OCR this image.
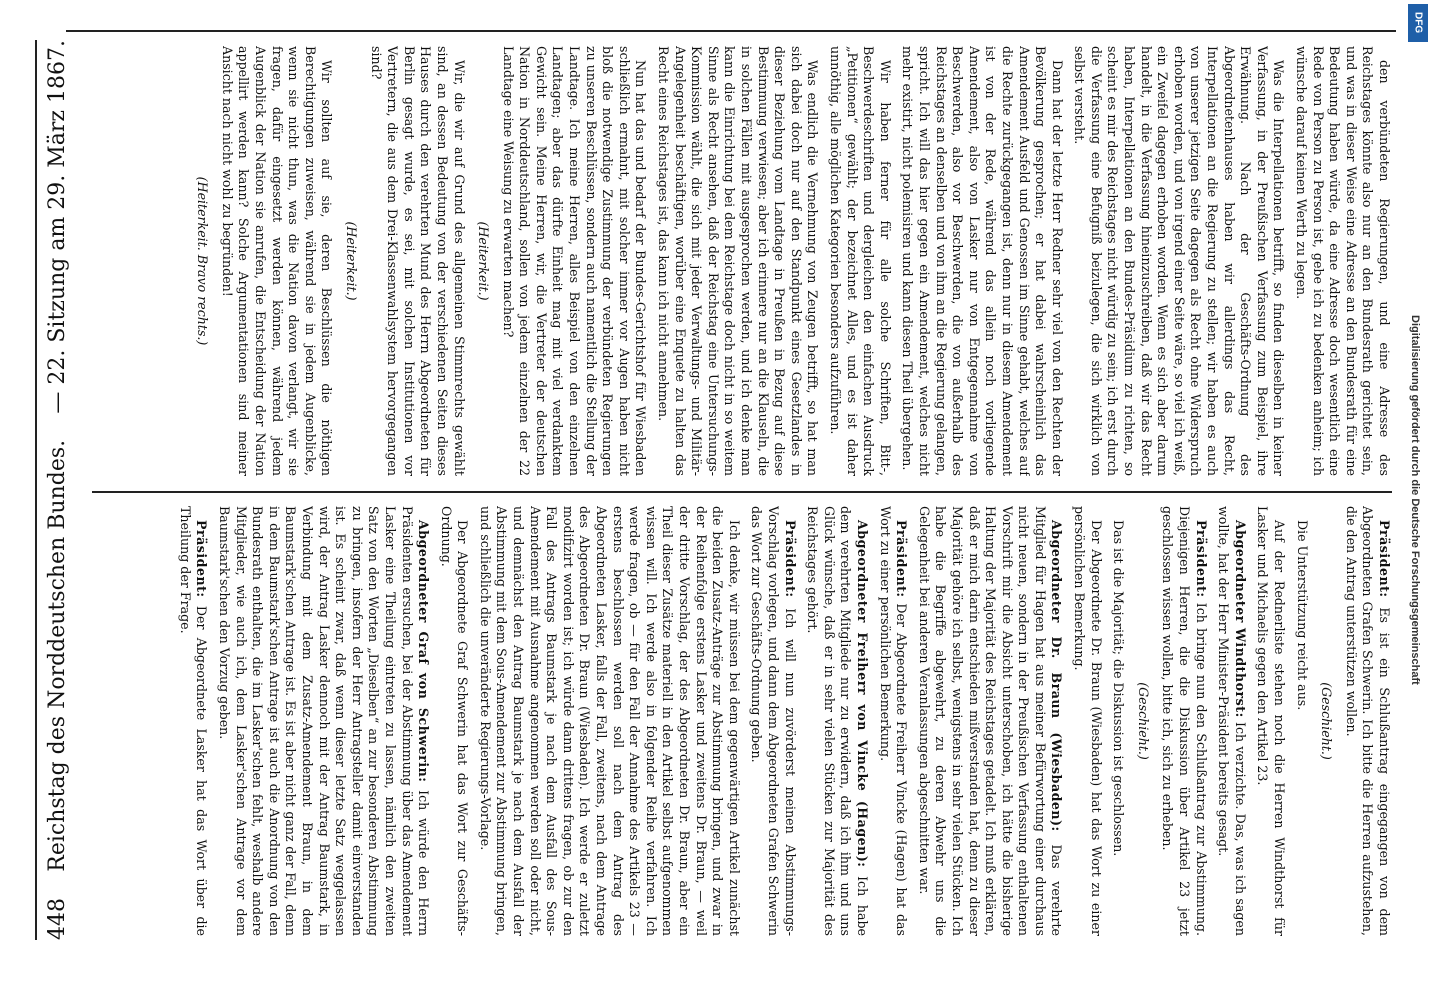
448
Reichstag des Norddeutschen Bundes.
— 22. Sitzung am 29. März 1867.	den verbündeten Regierungen, und eine Adresse des Reichstages könnte also nur an den Bundesrath gerichtet sein, und was in dieser Weise eine Adresse an den Bundesrath für eine Bedeutung haben würde, da eine Adresse doch wesentlich eine Rede von Person zu Person ist, gebe ich zu bedenken anheim; ich wünsche darauf keinen Werth zu legen.

Was die Interpellationen betrifft, so finden dieselben in keiner Verfassung, in der Preußischen Verfassung zum Beispiel, ihre Erwähnung. Nach der Geschäfts-Ordnung des Abgeordnetenhauses haben wir allerdings das Recht, Interpellationen an die Regierung zu stellen; wir haben es auch von unserer jetzigen Seite dagegen als Recht ohne Widerspruch erhoben worden, und von irgend einer Seite wäre, so viel ich weiß, ein Zweifel dagegen erhoben worden. Wenn es sich aber darum handelt, in die Verfassung hineinzuschreiben, daß wir das Recht haben, Interpellationen an den Bundes-Präsidium zu richten, so scheint es mir des Reichstages nicht würdig zu sein; ich erst durch die Verfassung eine Befugniß beizulegen, die sich wirklich von selbst versteht.

Dann hat der letzte Herr Redner sehr viel von den Rechten der Bevölkerung gesprochen; er hat dabei wahrscheinlich das Amendement Ausfeld und Genossen im Sinne gehabt, welches auf die Rechte zurückgegangen ist, denn nur in diesem Amendement ist von der Rede, während das allein noch vorliegende Amendement, also von Lasker nur von Entgegennahme von Beschwerden, also vor Beschwerden, die von außerhalb des Reichstages an denselben und von ihm an die Regierung gelangen, spricht. Ich will das hier gegen ein Amendement, welches nicht mehr existirt, nicht polemisiren und kann diesen Theil übergehen.

Wir haben ferner für alle solche Schriften, Bitt-, Beschwerdeschriften und dergleichen den einfachen Ausdruck „Petitionen“ gewählt; der bezeichnet Alles, und es ist daher unnöthig, alle möglichen Kategorien besonders aufzuführen.

Was endlich die Vernehmung von Zeugen betrifft, so hat man sich dabei doch nur auf den Standpunkt eines Gesetzlandes in dieser Beziehung vom Landtage in Preußen in Bezug auf diese Bestimmung verwiesen; aber ich erinnere nur an die Klauseln, die in solchen Fällen mit ausgesprochen werden, und ich denke man kann die Einrichtung bei dem Reichstage doch nicht in so weitem Sinne als Recht ansehen, daß der Reichstag eine Untersuchungs-Kommission wählt, die sich mit jeder Verwaltungs- und Militär-Angelegenheit beschäftigen, worüber eine Enquete zu halten das Recht eines Reichstages ist, das kann ich nicht annehmen.

Nun hat das und bedarf der Bundes-Gerichtshof für Wiesbaden schließlich ermahnt, mit solcher immer vor Augen haben nicht bloß die notwendige Zustimmung der verbündeten Regierungen zu unseren Beschlüssen, sondern auch namentlich die Stellung der Landtage. Ich meine Herren, alles Beispiel von den einzelnen Landtagen; aber das dürfte Einheit mag mit viel verdanktem Gewicht sein. Meine Herren, wir, die Vertreter der deutschen Nation in Norddeutschland, sollen von jedem einzelnen der 22 Landtage eine Weisung zu erwarten machen?

(Heiterkeit.)

Wir, die wir auf Grund des allgemeinen Stimmrechts gewählt sind, an dessen Bedeutung von der verschiedenen Seiten dieses Hauses durch den verehrten Mund des Herrn Abgeordneten für Berlin gesagt wurde, es sei, mit solchen Institutionen vor Vertretern, die aus dem Drei-Klassenwahlsystem hervorgegangen sind?

(Heiterkeit.)

Wir sollten auf sie, deren Beschlüssen die nöthigen Berechtigungen zuweisen, während sie in jedem Augenblicke, wenn sie nicht thun, was die Nation davon verlangt, wir sie fragen, dafür eingesetzt werden können, während jedem Augenblick der Nation sie anrufen, die Entscheidung der Nation appellirt werden kann? Solche Argumentationen sind meiner Ansicht nach nicht wohl zu begründen!

(Heiterkeit. Bravo rechts.)

Präsident: Es ist ein Schlußantrag eingegangen von dem Abgeordneten Grafen Schwerin. Ich bitte die Herren aufzustehen, die den Antrag unterstützen wollen.

(Geschieht.)

Die Unterstützung reicht aus.

Auf der Rednerliste stehen noch die Herren Windthorst für Lasker und Michaelis gegen den Artikel 23.

Abgeordneter Windthorst: Ich verzichte. Das, was ich sagen wollte, hat der Herr Minister-Präsident bereits gesagt.

Präsident: Ich bringe nun den Schlußantrag zur Abstimmung. Diejenigen Herren, die die Diskussion über Artikel 23 jetzt geschlossen wissen wollen, bitte ich, sich zu erheben.

(Geschieht.)

Das ist die Majorität; die Diskussion ist geschlossen.

Der Abgeordnete Dr. Braun (Wiesbaden) hat das Wort zu einer persönlichen Bemerkung.

Abgeordneter Dr. Braun (Wiesbaden): Das verehrte Mitglied für Hagen hat aus meiner Befürwortung einer durchaus nicht neuen, sondern in der Preußischen Verfassung enthaltenen Vorschrift mir die Absicht unterschoben, ich hätte die bisherige Haltung der Majorität des Reichstages getadelt. Ich muß erklären, daß er mich darin entschieden mißverstanden hat, denn zu dieser Majorität gehöre ich selbst, wenigstens in sehr vielen Stücken. Ich habe die Begriffe abgewehrt, zu deren Abwehr uns die Gelegenheit bei anderen Veranlassungen abgeschnitten war.

Präsident: Der Abgeordnete Freiherr Vincke (Hagen) hat das Wort zu einer persönlichen Bemerkung.

Abgeordneter Freiherr von Vincke (Hagen): Ich habe dem verehrten Mitgliede nur zu erwidern, daß ich ihm und uns Glück wünsche, daß er in sehr vielen Stücken zur Majorität des Reichstages gehört.

Präsident: Ich will nun zuvörderst meinen Abstimmungs-Vorschlag vorlegen, und dann dem Abgeordneten Grafen Schwerin das Wort zur Geschäfts-Ordnung geben.

Ich denke, wir müssen bei dem gegenwärtigen Artikel zunächst die beiden Zusatz-Anträge zur Abstimmung bringen, und zwar in der Reihenfolge erstens Lasker und zweitens Dr. Braun, — weil der dritte Vorschlag, der des Abgeordneten Dr. Braun, aber ein Theil dieser Zusätze materiell in den Artikel selbst aufgenommen wissen will. Ich werde also in folgender Reihe verfahren. Ich werde fragen, ob — für den Fall der Annahme des Artikels 23 — erstens beschlossen werden soll nach dem Antrag des Abgeordneten Lasker, falls der Fall, zweitens, nach dem Antrage des Abgeordneten Dr. Braun (Wiesbaden). Ich werde er zuletzt modifizirt worden ist; ich würde dann drittens fragen, ob zur den Fall des Antrags Baumstark je nach dem Ausfall des Sous-Amendement mit Ausnahme angenommen werden soll oder nicht, und demnächst den Antrag Baumstark je nach dem Ausfall der Abstimmung mit dem Sous-Amendement zur Abstimmung bringen, und schließlich die unveränderte Regierungs-Vorlage.

Der Abgeordnete Graf Schwerin hat das Wort zur Geschäfts-Ordnung.

Abgeordneter Graf von Schwerin: Ich würde den Herrn Präsidenten ersuchen, bei der Abstimmung über das Amendement Lasker eine Theilung eintreten zu lassen, nämlich den zweiten Satz von den Worten „Dieselben“ an zur besonderen Abstimmung zu bringen, insofern der Herr Antragsteller damit einverstanden ist. Es scheint zwar, daß wenn dieser letzte Satz weggelassen wird, der Antrag Lasker dennoch mit der Antrag Baumstark, in Verbindung mit dem Zusatz-Amendement Braun, in dem Baumstark'schen Antrage ist. Es ist aber nicht ganz der Fall, denn in dem Baumstark'schen Antrage ist auch die Anordnung von den Bundesrath enthalten, die im Lasker'schen fehlt, weshalb andere Mitglieder, wie auch ich, dem Lasker'schen Antrage vor dem Baumstark'schen den Vorzug geben.

Präsident: Der Abgeordnete Lasker hat das Wort über die Theilung der Frage.

DFG
Digitalisierung gefördert durch die Deutsche Forschungsgemeinschaft
